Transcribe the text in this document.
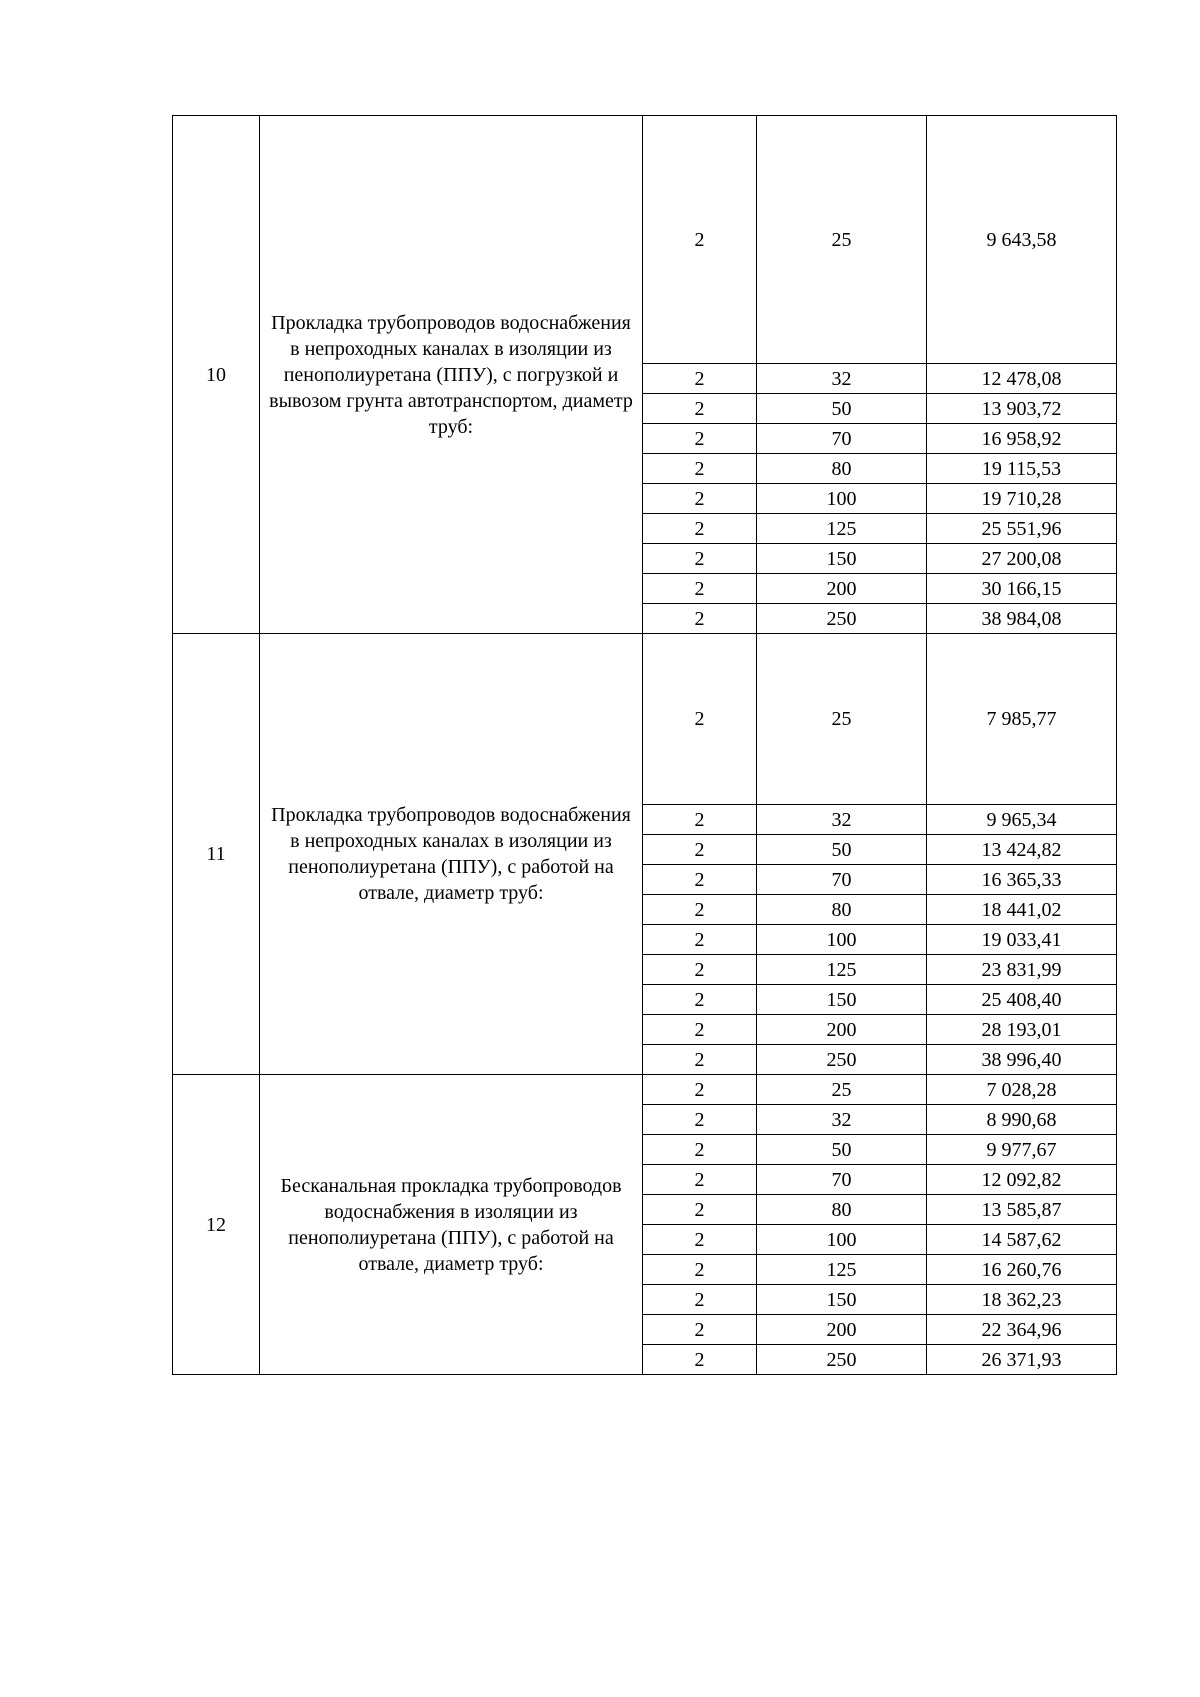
10	Прокладка трубопроводов водоснабжения в непроходных каналах в изоляции из пенополиуретана (ППУ), с погрузкой и вывозом грунта автотранспортом, диаметр труб:	2	25	9 643,58
		2	32	12 478,08
		2	50	13 903,72
		2	70	16 958,92
		2	80	19 115,53
		2	100	19 710,28
		2	125	25 551,96
		2	150	27 200,08
		2	200	30 166,15
		2	250	38 984,08
11	Прокладка трубопроводов водоснабжения в непроходных каналах в изоляции из пенополиуретана (ППУ), с работой на отвале, диаметр труб:	2	25	7 985,77
		2	32	9 965,34
		2	50	13 424,82
		2	70	16 365,33
		2	80	18 441,02
		2	100	19 033,41
		2	125	23 831,99
		2	150	25 408,40
		2	200	28 193,01
		2	250	38 996,40
12	Бесканальная прокладка трубопроводов водоснабжения в изоляции из пенополиуретана (ППУ), с работой на отвале, диаметр труб:	2	25	7 028,28
		2	32	8 990,68
		2	50	9 977,67
		2	70	12 092,82
		2	80	13 585,87
		2	100	14 587,62
		2	125	16 260,76
		2	150	18 362,23
		2	200	22 364,96
		2	250	26 371,93
